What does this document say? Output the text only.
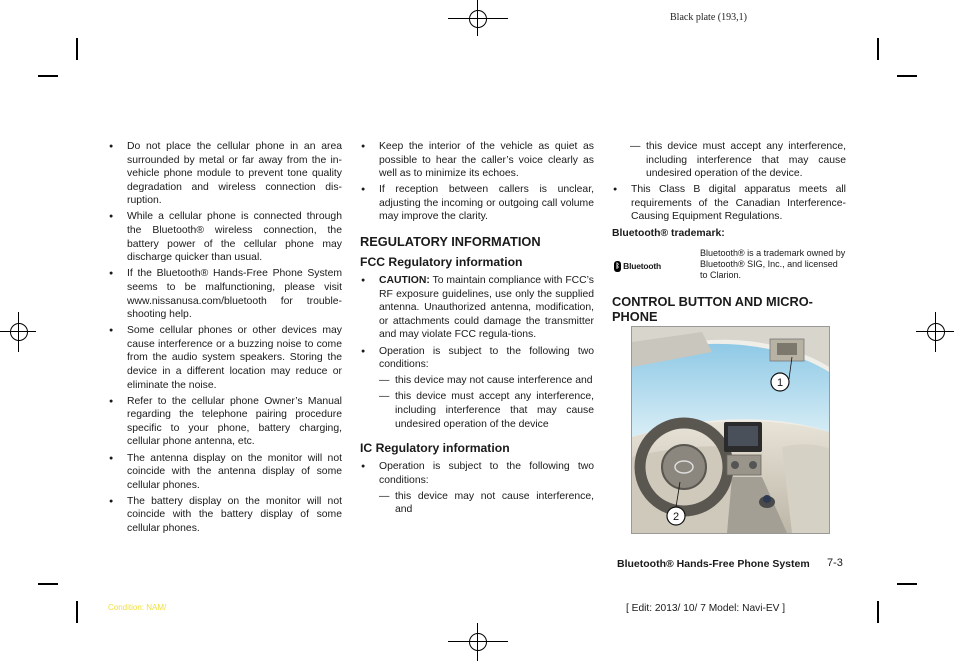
Black plate (193,1)
● Do not place the cellular phone in an area surrounded by metal or far away from the in-vehicle phone module to prevent tone quality degradation and wireless connection dis-ruption.
● While a cellular phone is connected through the Bluetooth® wireless connection, the battery power of the cellular phone may discharge quicker than usual.
● If the Bluetooth® Hands-Free Phone System seems to be malfunctioning, please visit www.nissanusa.com/bluetooth for trouble-shooting help.
● Some cellular phones or other devices may cause interference or a buzzing noise to come from the audio system speakers. Storing the device in a different location may reduce or eliminate the noise.
● Refer to the cellular phone Owner’s Manual regarding the telephone pairing procedure specific to your phone, battery charging, cellular phone antenna, etc.
● The antenna display on the monitor will not coincide with the antenna display of some cellular phones.
● The battery display on the monitor will not coincide with the battery display of some cellular phones.
● Keep the interior of the vehicle as quiet as possible to hear the caller’s voice clearly as well as to minimize its echoes.
● If reception between callers is unclear, adjusting the incoming or outgoing call volume may improve the clarity.
REGULATORY INFORMATION
FCC Regulatory information
● CAUTION: To maintain compliance with FCC’s RF exposure guidelines, use only the supplied antenna. Unauthorized antenna, modification, or attachments could damage the transmitter and may violate FCC regula-tions.
● Operation is subject to the following two conditions:
— this device may not cause interference and
— this device must accept any interference, including interference that may cause undesired operation of the device
IC Regulatory information
● Operation is subject to the following two conditions:
— this device may not cause interference, and
— this device must accept any interference, including interference that may cause undesired operation of the device.
● This Class B digital apparatus meets all requirements of the Canadian Interference-Causing Equipment Regulations.
Bluetooth® trademark:
ᛒ Bluetooth
Bluetooth® is a trademark owned by Bluetooth® SIG, Inc., and licensed to Clarion.
CONTROL BUTTON AND MICRO-
PHONE
1
2
Bluetooth® Hands-Free Phone System 7-3
Condition: NAM/	[ Edit: 2013/ 10/ 7 Model: Navi-EV ]
